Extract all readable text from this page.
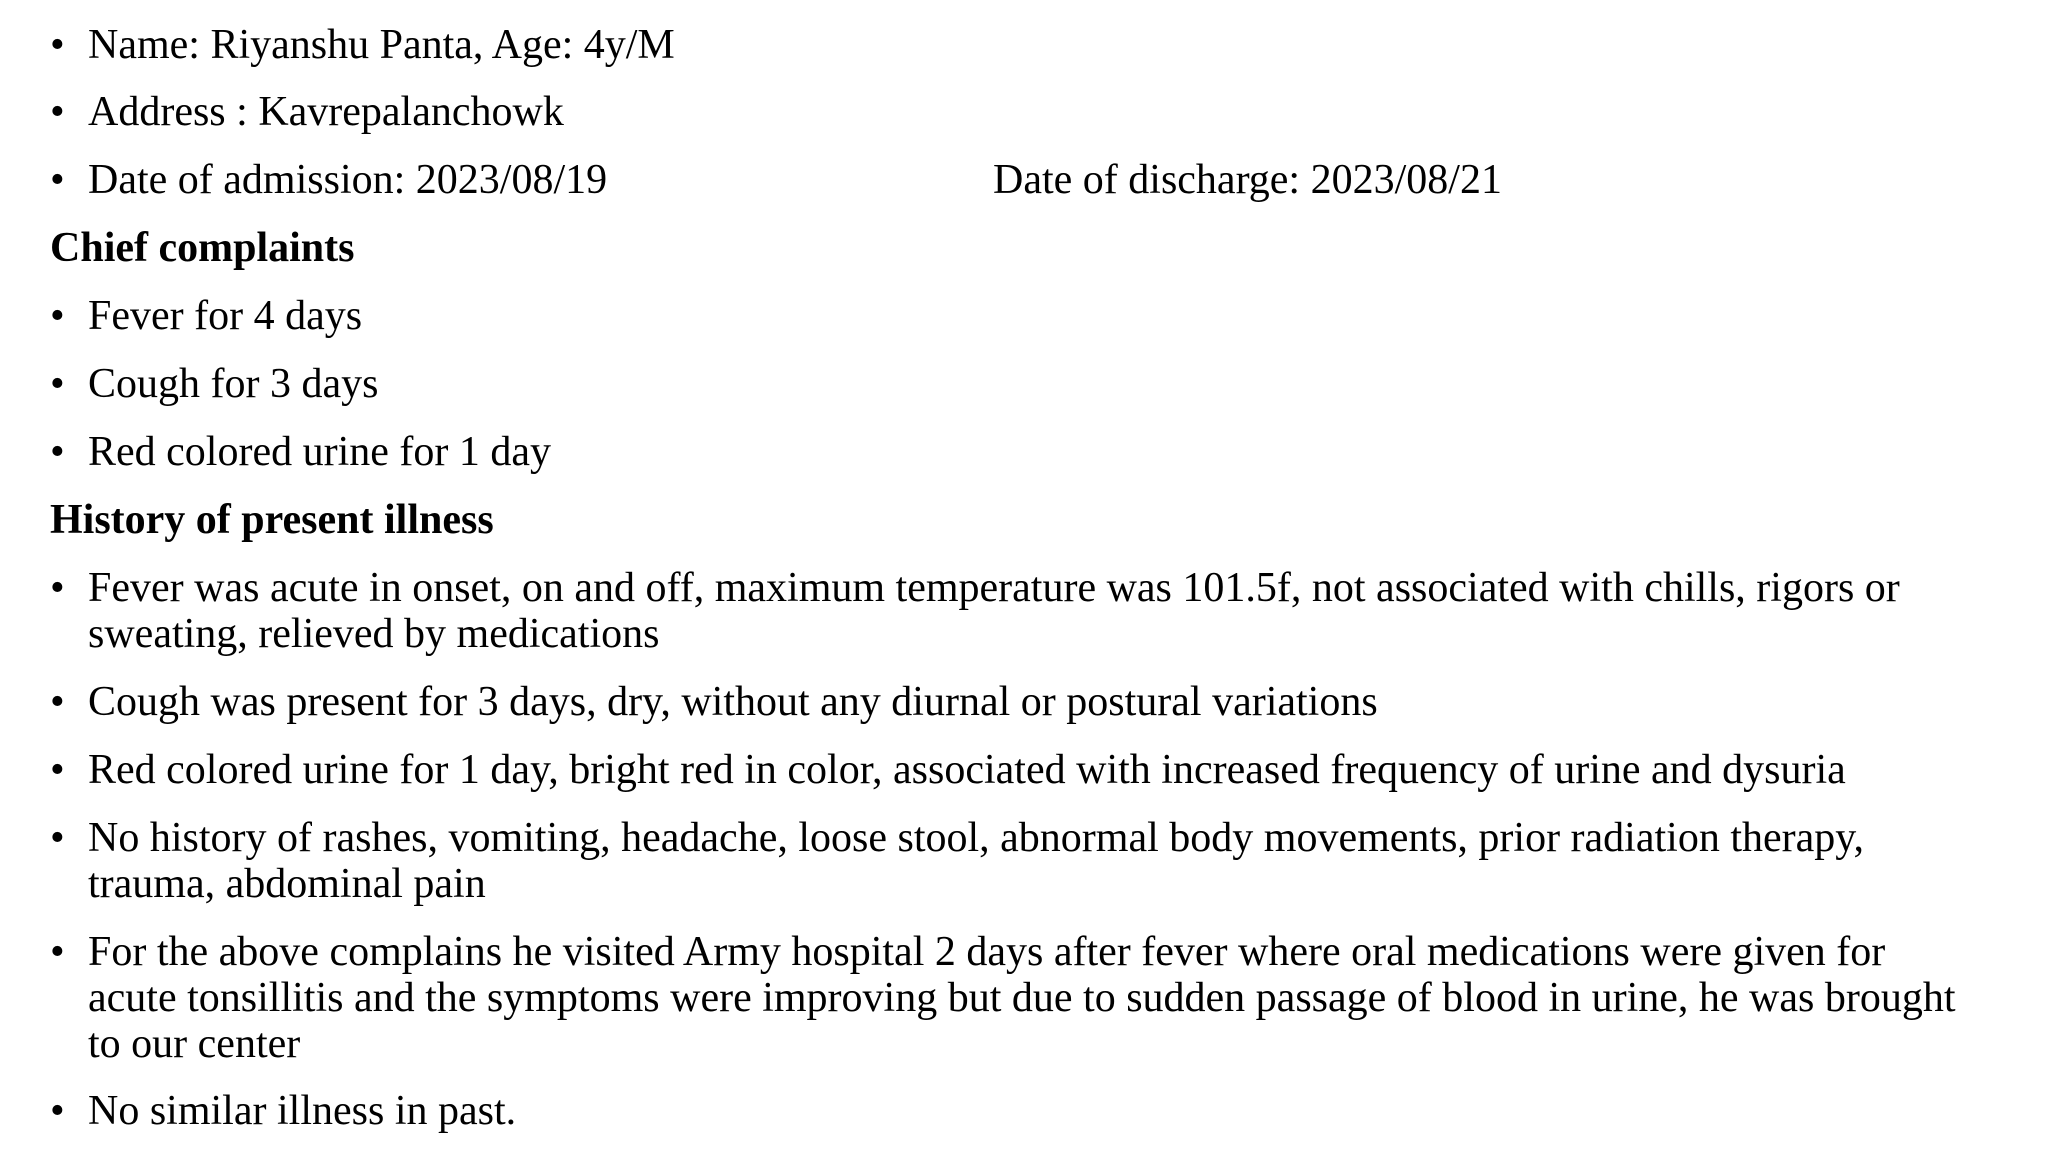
• Name: Riyanshu Panta, Age: 4y/M
• Address : Kavrepalanchowk
• Date of admission: 2023/08/19	Date of discharge: 2023/08/21
Chief complaints
• Fever for 4 days
• Cough for 3 days
• Red colored urine for 1 day
History of present illness
• Fever was acute in onset, on and off, maximum temperature was 101.5f, not associated with chills, rigors or
sweating, relieved by medications
• Cough was present for 3 days, dry, without any diurnal or postural variations
• Red colored urine for 1 day, bright red in color, associated with increased frequency of urine and dysuria
• No history of rashes, vomiting, headache, loose stool, abnormal body movements, prior radiation therapy,
trauma, abdominal pain
• For the above complains he visited Army hospital 2 days after fever where oral medications were given for
acute tonsillitis and the symptoms were improving but due to sudden passage of blood in urine, he was brought
to our center
• No similar illness in past.
